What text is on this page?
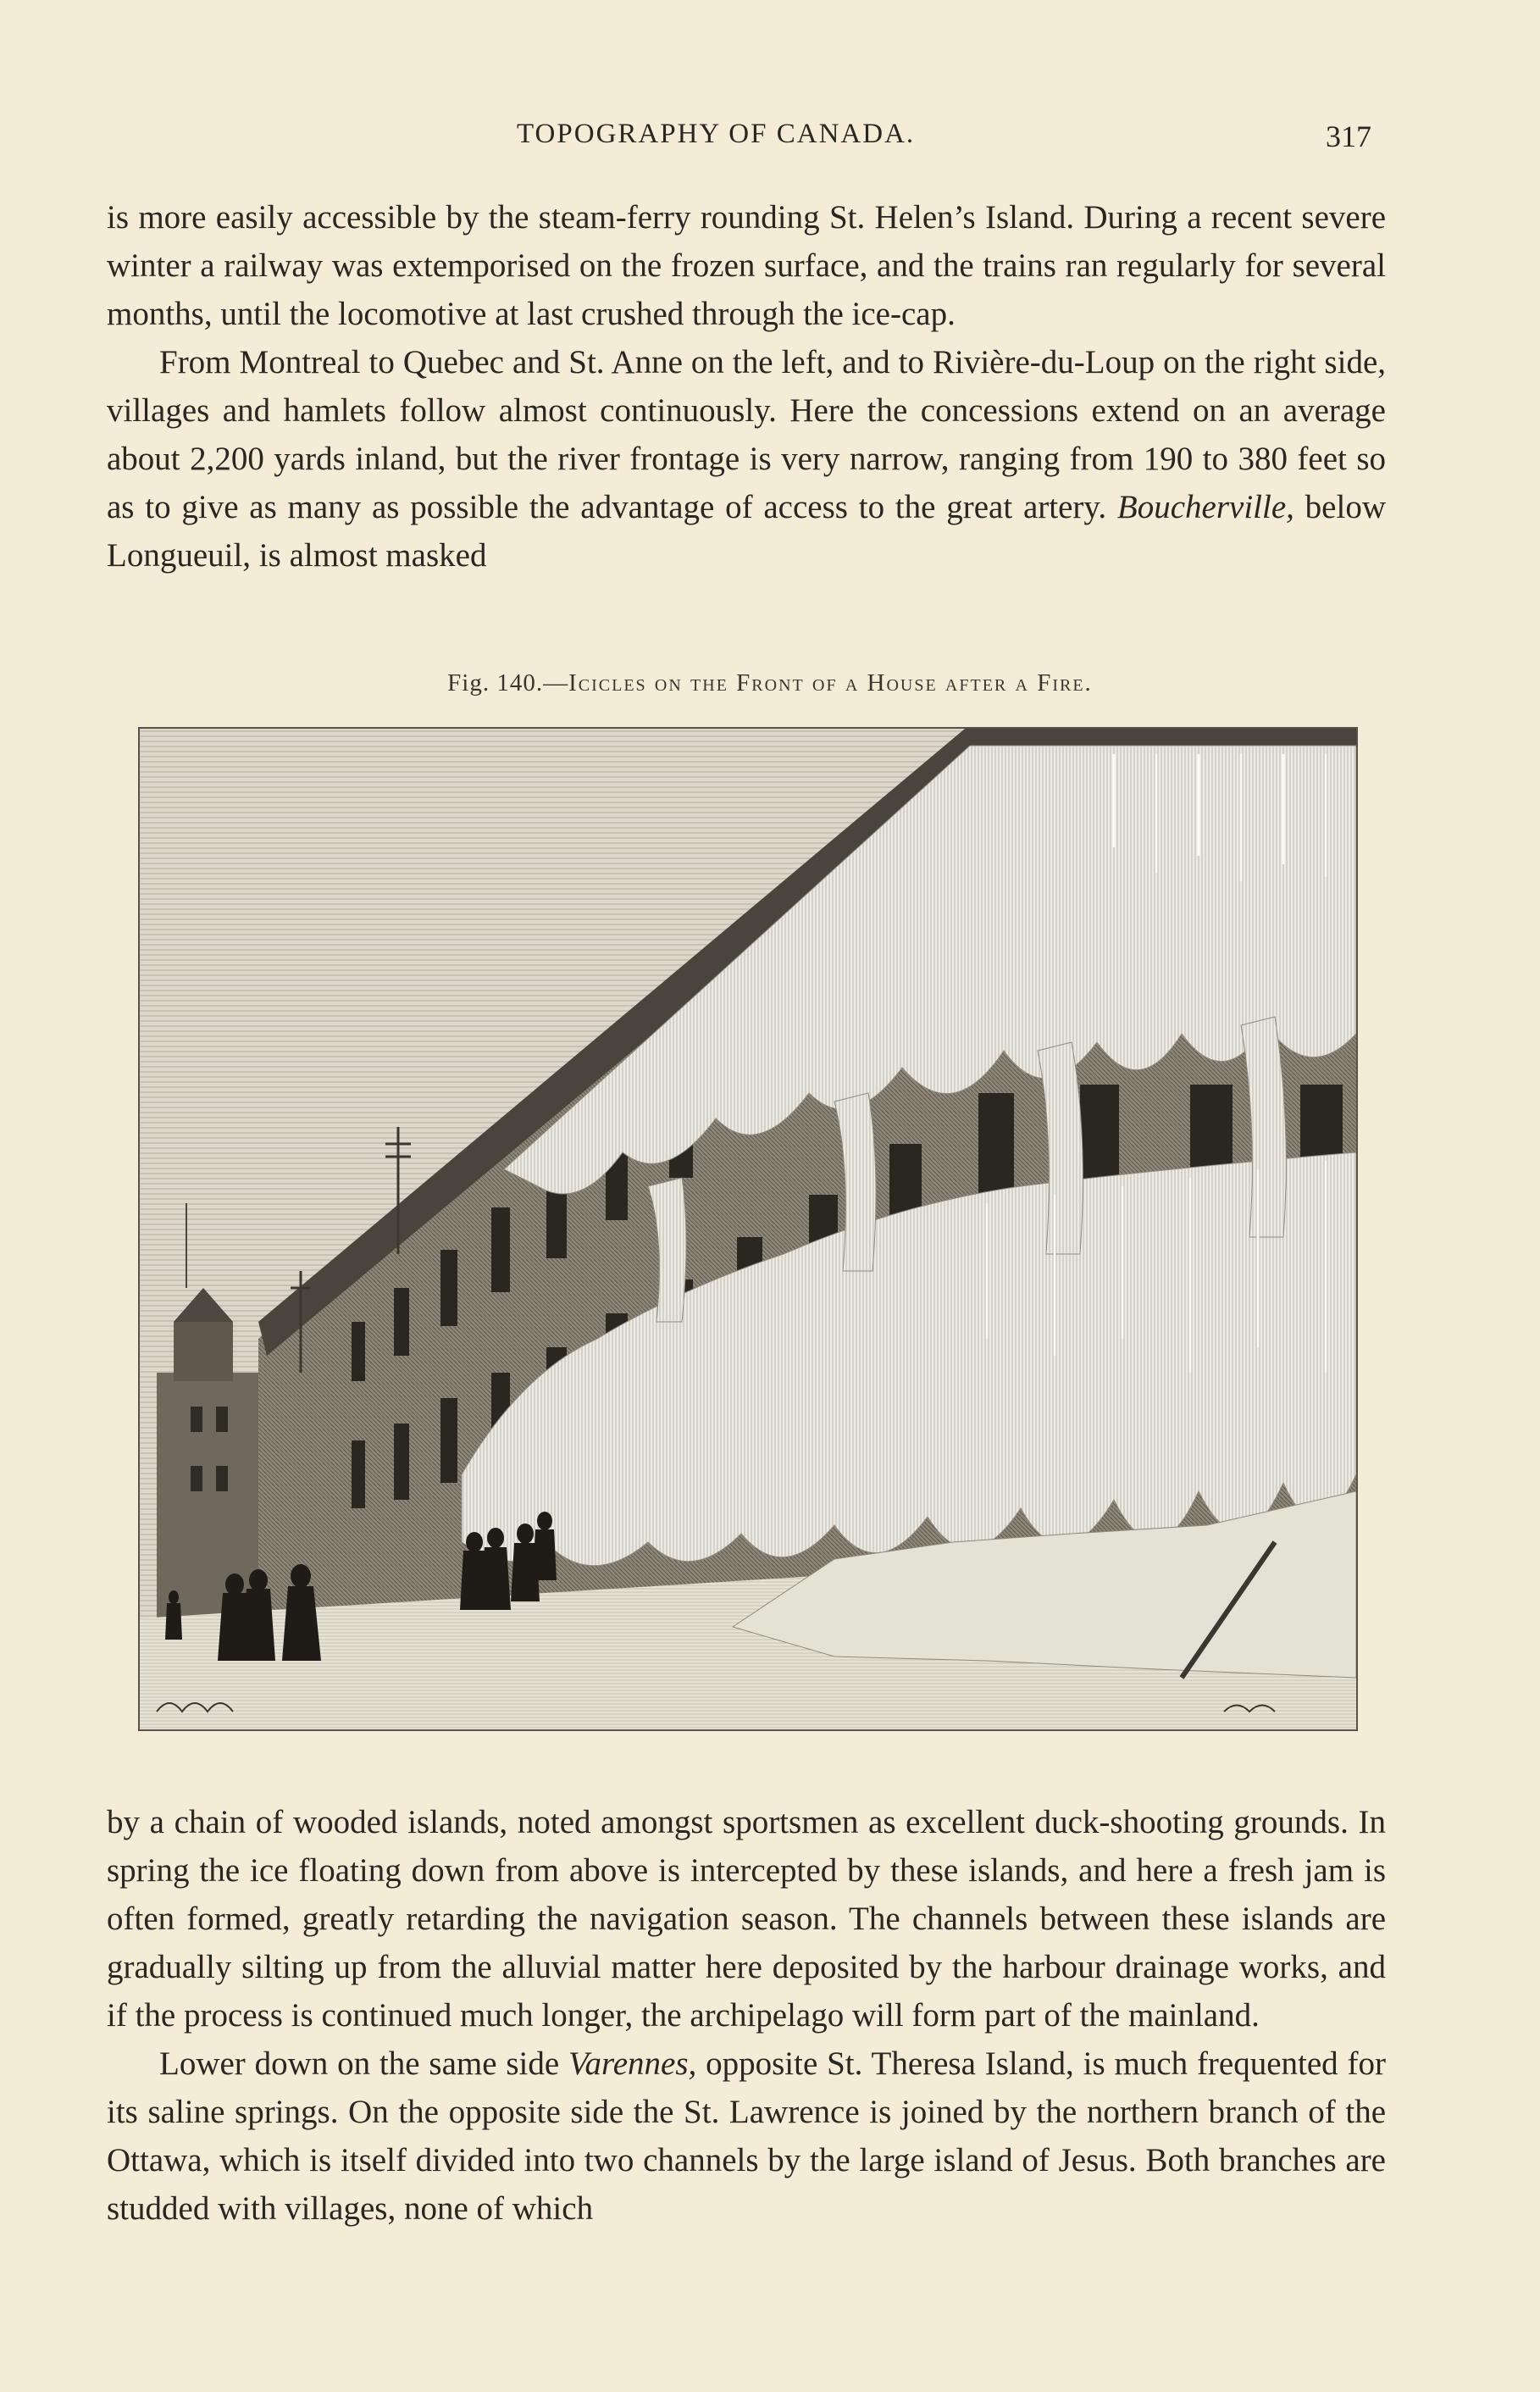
TOPOGRAPHY OF CANADA.	317

is more easily accessible by the steam-ferry rounding St. Helen’s Island. During a recent severe winter a railway was extemporised on the frozen surface, and the trains ran regularly for several months, until the locomotive at last crushed through the ice-cap.

From Montreal to Quebec and St. Anne on the left, and to Rivière-du-Loup on the right side, villages and hamlets follow almost continuously. Here the concessions extend on an average about 2,200 yards inland, but the river frontage is very narrow, ranging from 190 to 380 feet so as to give as many as possible the advantage of access to the great artery. Boucherville, below Longueuil, is almost masked

Fig. 140.—Icicles on the Front of a House after a Fire.

by a chain of wooded islands, noted amongst sportsmen as excellent duck-shooting grounds. In spring the ice floating down from above is intercepted by these islands, and here a fresh jam is often formed, greatly retarding the navigation season. The channels between these islands are gradually silting up from the alluvial matter here deposited by the harbour drainage works, and if the process is continued much longer, the archipelago will form part of the mainland.

Lower down on the same side Varennes, opposite St. Theresa Island, is much frequented for its saline springs. On the opposite side the St. Lawrence is joined by the northern branch of the Ottawa, which is itself divided into two channels by the large island of Jesus. Both branches are studded with villages, none of which
